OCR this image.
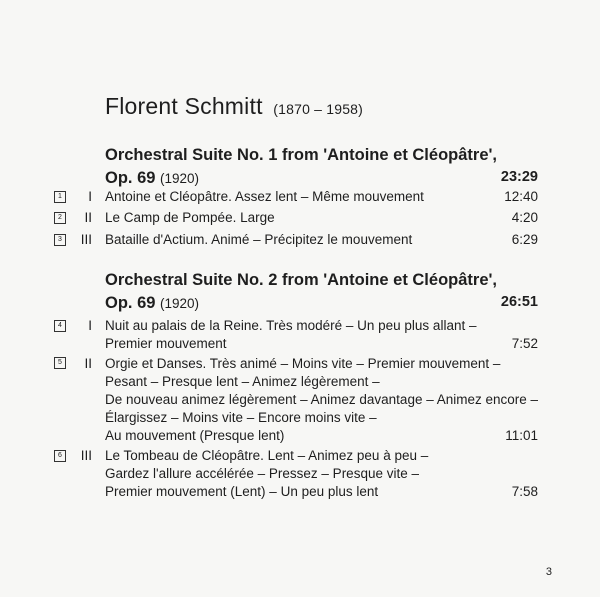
Florent Schmitt (1870 – 1958)
Orchestral Suite No. 1 from 'Antoine et Cléopâtre',
Op. 69 (1920)	23:29
1	I Antoine et Cléopâtre. Assez lent – Même mouvement	12:40
2	II Le Camp de Pompée. Large	4:20
3	III Bataille d'Actium. Animé – Précipitez le mouvement	6:29
Orchestral Suite No. 2 from 'Antoine et Cléopâtre',
Op. 69 (1920)	26:51
4	I Nuit au palais de la Reine. Très modéré – Un peu plus allant –
Premier mouvement	7:52
5	II Orgie et Danses. Très animé – Moins vite – Premier mouvement –
Pesant – Presque lent – Animez légèrement –
De nouveau animez légèrement – Animez davantage – Animez encore –
Élargissez – Moins vite – Encore moins vite –
Au mouvement (Presque lent)	11:01
6	III Le Tombeau de Cléopâtre. Lent – Animez peu à peu –
Gardez l'allure accélérée – Pressez – Presque vite –
Premier mouvement (Lent) – Un peu plus lent	7:58
3
